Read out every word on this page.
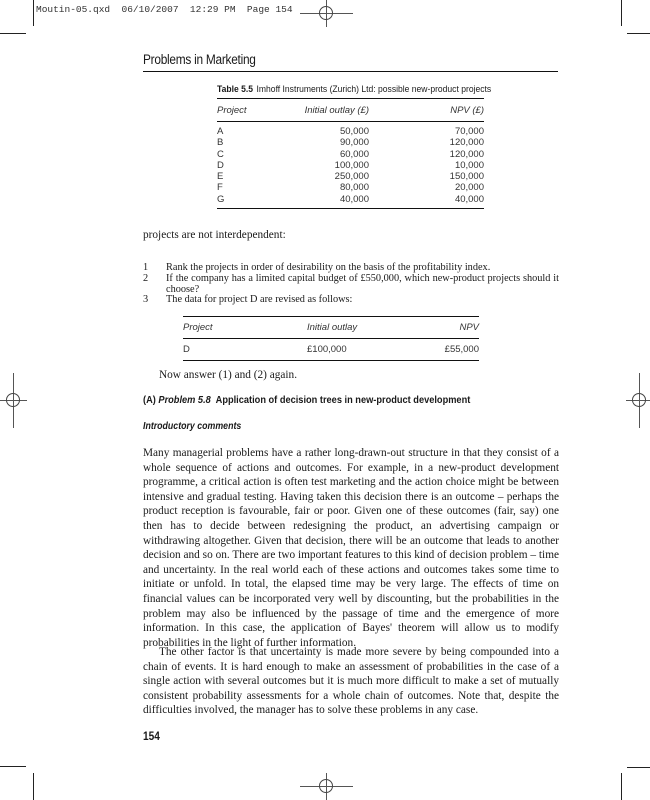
Moutin-05.qxd  06/10/2007  12:29 PM  Page 154
Problems in Marketing
Table 5.5 Imhoff Instruments (Zurich) Ltd: possible new-product projects
Project	Initial outlay (£)	NPV (£)
A	50,000	70,000
B	90,000	120,000
C	60,000	120,000
D	100,000	10,000
E	250,000	150,000
F	80,000	20,000
G	40,000	40,000
projects are not interdependent:
1	Rank the projects in order of desirability on the basis of the profitability index.
2	If the company has a limited capital budget of £550,000, which new-product projects should it choose?
3	The data for project D are revised as follows:
Project	Initial outlay	NPV
D	£100,000	£55,000
Now answer (1) and (2) again.
(A) Problem 5.8 Application of decision trees in new-product development
Introductory comments
Many managerial problems have a rather long-drawn-out structure in that they consist of a whole sequence of actions and outcomes. For example, in a new-product development programme, a critical action is often test marketing and the action choice might be between intensive and gradual testing. Having taken this decision there is an outcome – perhaps the product reception is favourable, fair or poor. Given one of these outcomes (fair, say) one then has to decide between redesigning the product, an advertising campaign or withdrawing altogether. Given that decision, there will be an outcome that leads to another decision and so on. There are two important features to this kind of decision problem – time and uncertainty. In the real world each of these actions and outcomes takes some time to initiate or unfold. In total, the elapsed time may be very large. The effects of time on financial values can be incorporated very well by discounting, but the probabilities in the problem may also be influenced by the passage of time and the emergence of more information. In this case, the application of Bayes' theorem will allow us to modify probabilities in the light of further information.
The other factor is that uncertainty is made more severe by being compounded into a chain of events. It is hard enough to make an assessment of probabilities in the case of a single action with several outcomes but it is much more difficult to make a set of mutually consistent probability assessments for a whole chain of outcomes. Note that, despite the difficulties involved, the manager has to solve these problems in any case.
154
